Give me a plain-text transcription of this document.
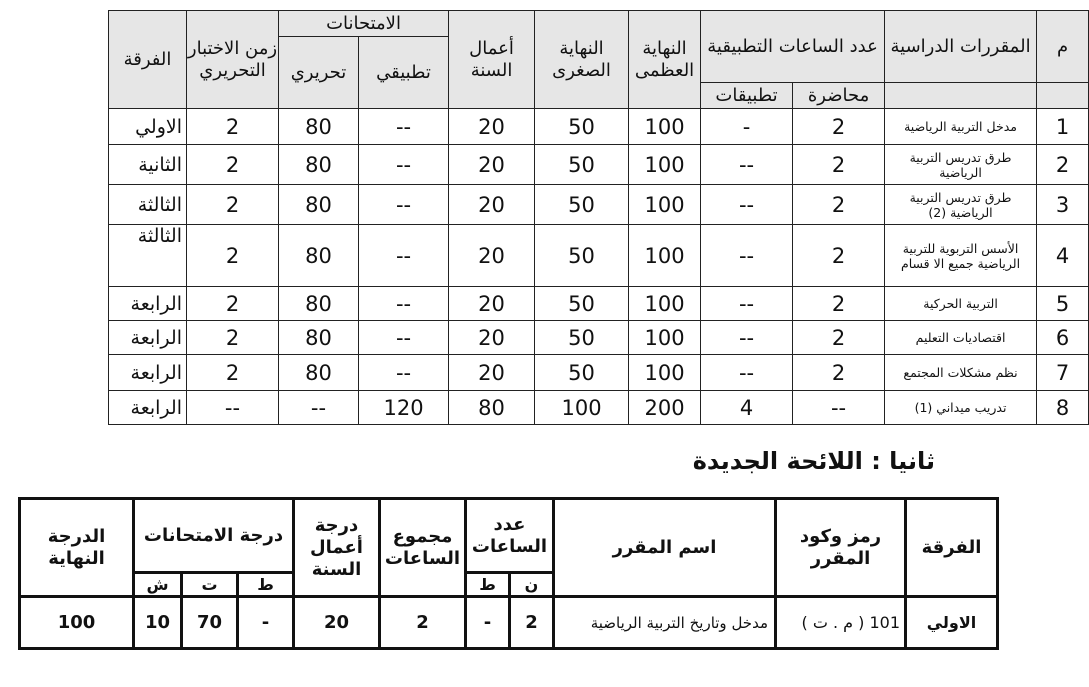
م	المقررات الدراسية	عدد الساعات التطبيقية		النهاية العظمى	النهاية الصغرى	أعمال السنة	الامتحانات		زمن الاختبار التحريري	الفرقة
							تطبيقي	تحريري		
		محاضرة	تطبيقات							
1	مدخل التربية الرياضية	2	-	100	50	20	--	80	2	الاولي
2	طرق تدريس التربية الرياضية	2	--	100	50	20	--	80	2	الثانية
3	طرق تدريس التربية الرياضية (2)	2	--	100	50	20	--	80	2	الثالثة
4	الأسس التربوية للتربية الرياضية جميع الا قسام	2	--	100	50	20	--	80	2	الثالثة
5	التربية الحركية	2	--	100	50	20	--	80	2	الرابعة
6	اقتصاديات التعليم	2	--	100	50	20	--	80	2	الرابعة
7	نظم مشكلات المجتمع	2	--	100	50	20	--	80	2	الرابعة
8	تدريب ميداني (1)	--	4	200	100	80	120	--	--	الرابعة
ثانيا : اللائحة الجديدة
الفرقة	رمز وكود المقرر	اسم المقرر	عدد الساعات		مجموع الساعات	درجة أعمال السنة	درجة الامتحانات			الدرجة النهاية
			ن	ط			ط	ت	ش	
الاولي	101 ( م . ت )	مدخل وتاريخ التربية الرياضية	2	-	2	20	-	70	10	100
